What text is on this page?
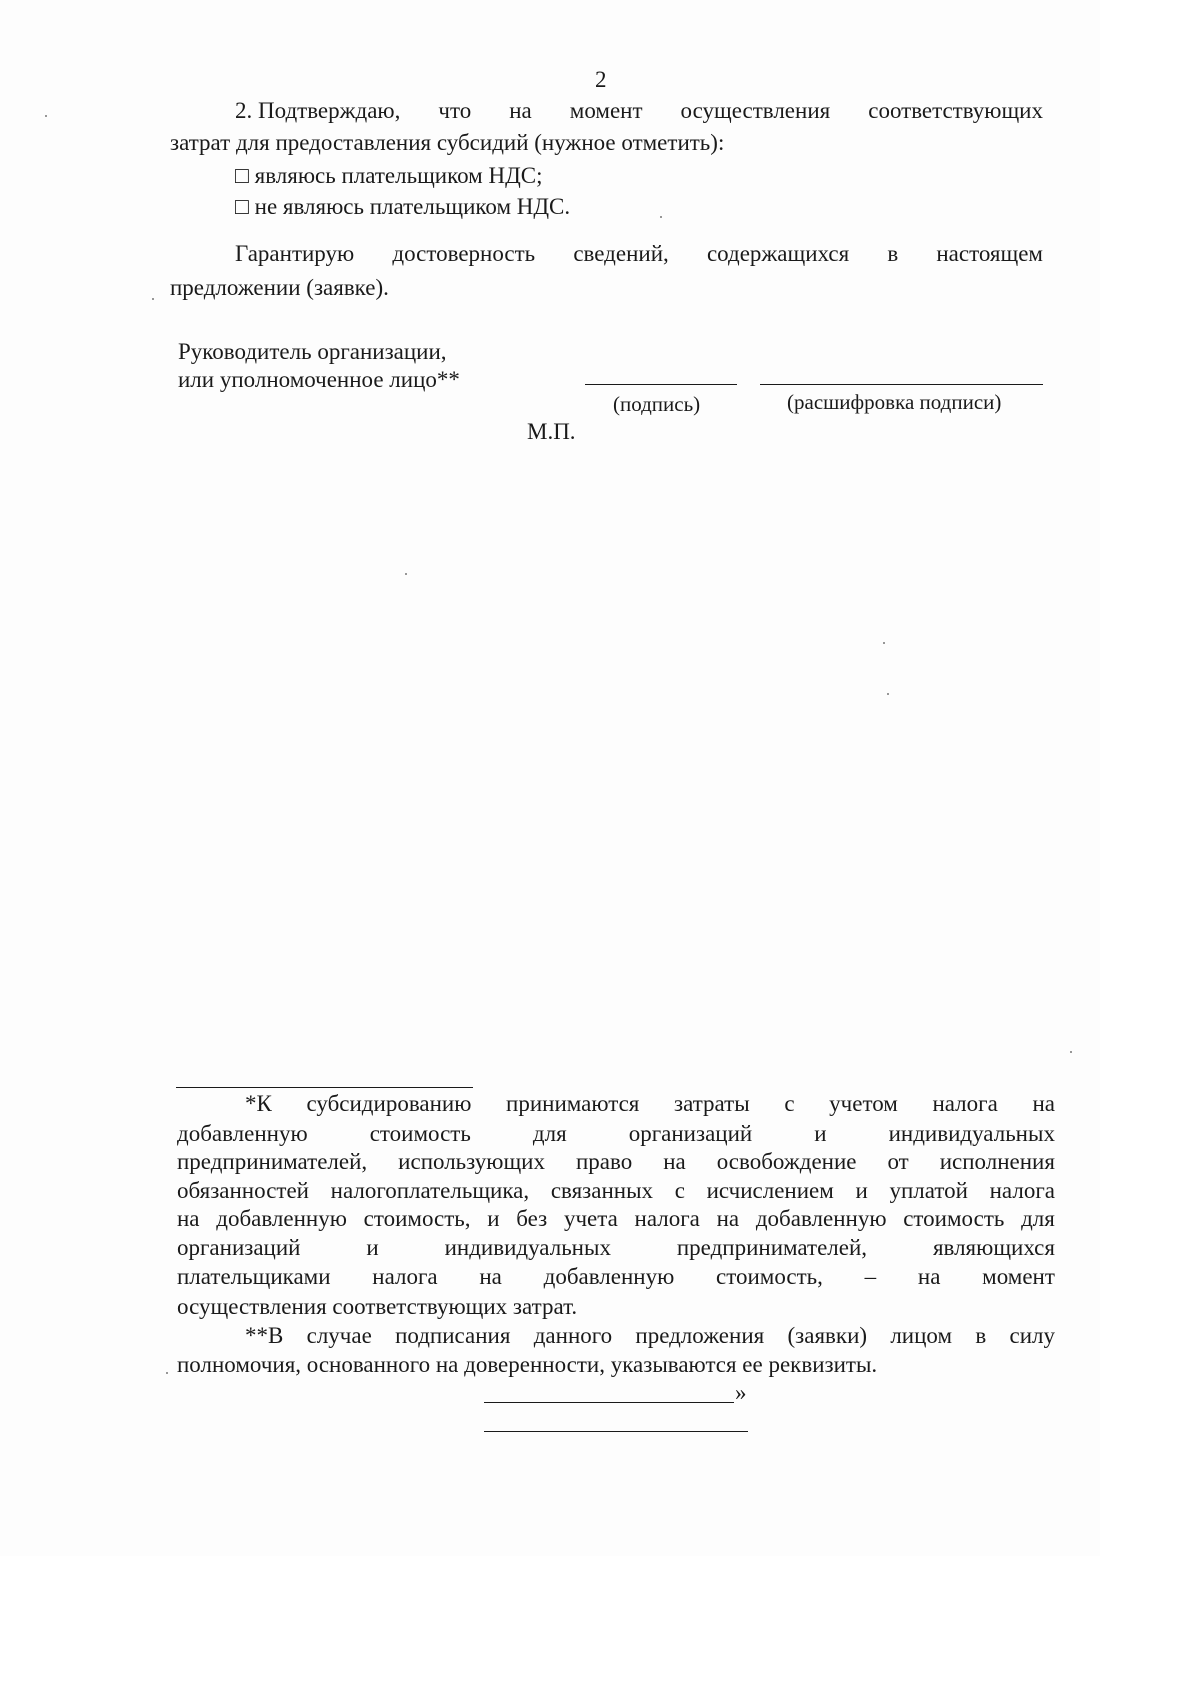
2
2. Подтверждаю, что на момент осуществления соответствующих
затрат для предоставления субсидий (нужное отметить):
□ являюсь плательщиком НДС;
□ не являюсь плательщиком НДС.
Гарантирую достоверность сведений, содержащихся в настоящем
предложении (заявке).
Руководитель организации,
или уполномоченное лицо**
(подпись)	(расшифровка подписи)
М.П.
*К субсидированию принимаются затраты с учетом налога на
добавленную	стоимость	для	организаций	и	индивидуальных
предпринимателей, использующих право на освобождение от исполнения
обязанностей налогоплательщика, связанных с исчислением и уплатой налога
на добавленную стоимость, и без учета налога на добавленную стоимость для
организаций	и	индивидуальных	предпринимателей,	являющихся
плательщиками налога на добавленную стоимость, – на момент
осуществления соответствующих затрат.
**В случае подписания данного предложения (заявки) лицом в силу
полномочия, основанного на доверенности, указываются ее реквизиты.
»
